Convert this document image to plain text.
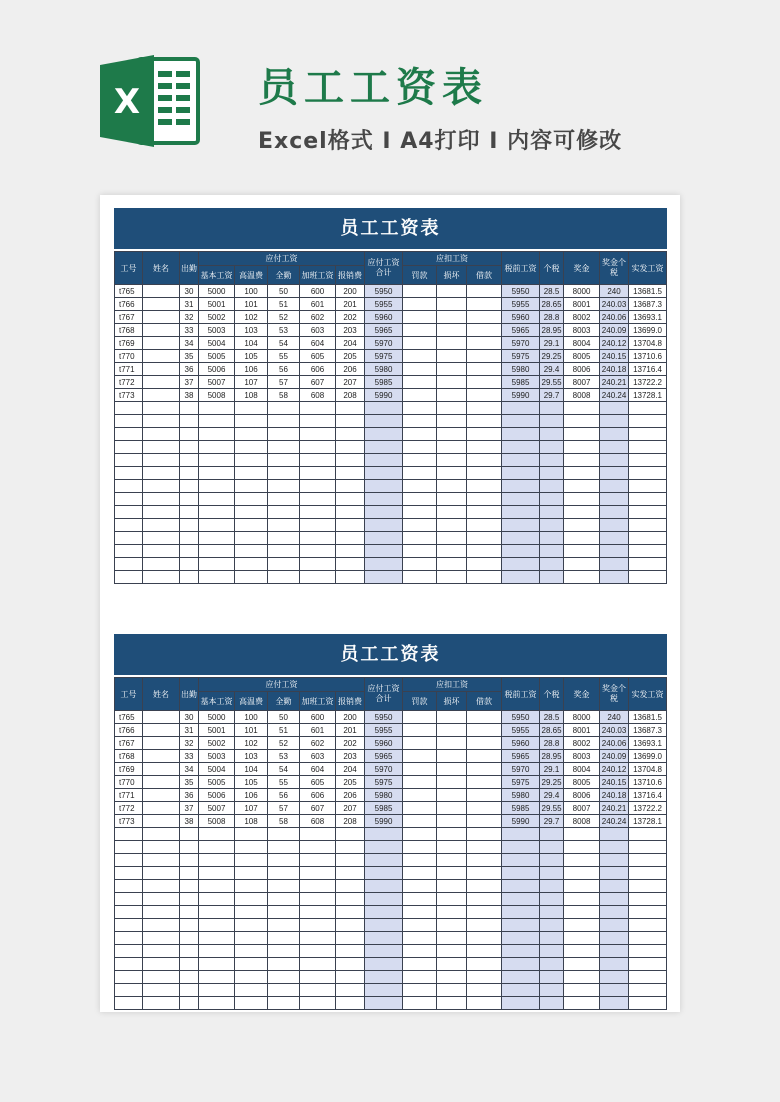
X	员工工资表
Excel格式 I A4打印 I 内容可修改
员工工资表
工号	姓名	出勤	应付工资					应付工资合计	应扣工资			税前工资	个税	奖金	奖金个税	实发工资
			基本工资	高温费	全勤	加班工资	报销费		罚款	损坏	借款					
t765		30	5000	100	50	600	200	5950				5950	28.5	8000	240	13681.5
t766		31	5001	101	51	601	201	5955				5955	28.65	8001	240.03	13687.3
t767		32	5002	102	52	602	202	5960				5960	28.8	8002	240.06	13693.1
t768		33	5003	103	53	603	203	5965				5965	28.95	8003	240.09	13699.0
t769		34	5004	104	54	604	204	5970				5970	29.1	8004	240.12	13704.8
t770		35	5005	105	55	605	205	5975				5975	29.25	8005	240.15	13710.6
t771		36	5006	106	56	606	206	5980				5980	29.4	8006	240.18	13716.4
t772		37	5007	107	57	607	207	5985				5985	29.55	8007	240.21	13722.2
t773		38	5008	108	58	608	208	5990				5990	29.7	8008	240.24	13728.1

员工工资表
工号	姓名	出勤	应付工资					应付工资合计	应扣工资			税前工资	个税	奖金	奖金个税	实发工资
			基本工资	高温费	全勤	加班工资	报销费		罚款	损坏	借款					
t765		30	5000	100	50	600	200	5950				5950	28.5	8000	240	13681.5
t766		31	5001	101	51	601	201	5955				5955	28.65	8001	240.03	13687.3
t767		32	5002	102	52	602	202	5960				5960	28.8	8002	240.06	13693.1
t768		33	5003	103	53	603	203	5965				5965	28.95	8003	240.09	13699.0
t769		34	5004	104	54	604	204	5970				5970	29.1	8004	240.12	13704.8
t770		35	5005	105	55	605	205	5975				5975	29.25	8005	240.15	13710.6
t771		36	5006	106	56	606	206	5980				5980	29.4	8006	240.18	13716.4
t772		37	5007	107	57	607	207	5985				5985	29.55	8007	240.21	13722.2
t773		38	5008	108	58	608	208	5990				5990	29.7	8008	240.24	13728.1
